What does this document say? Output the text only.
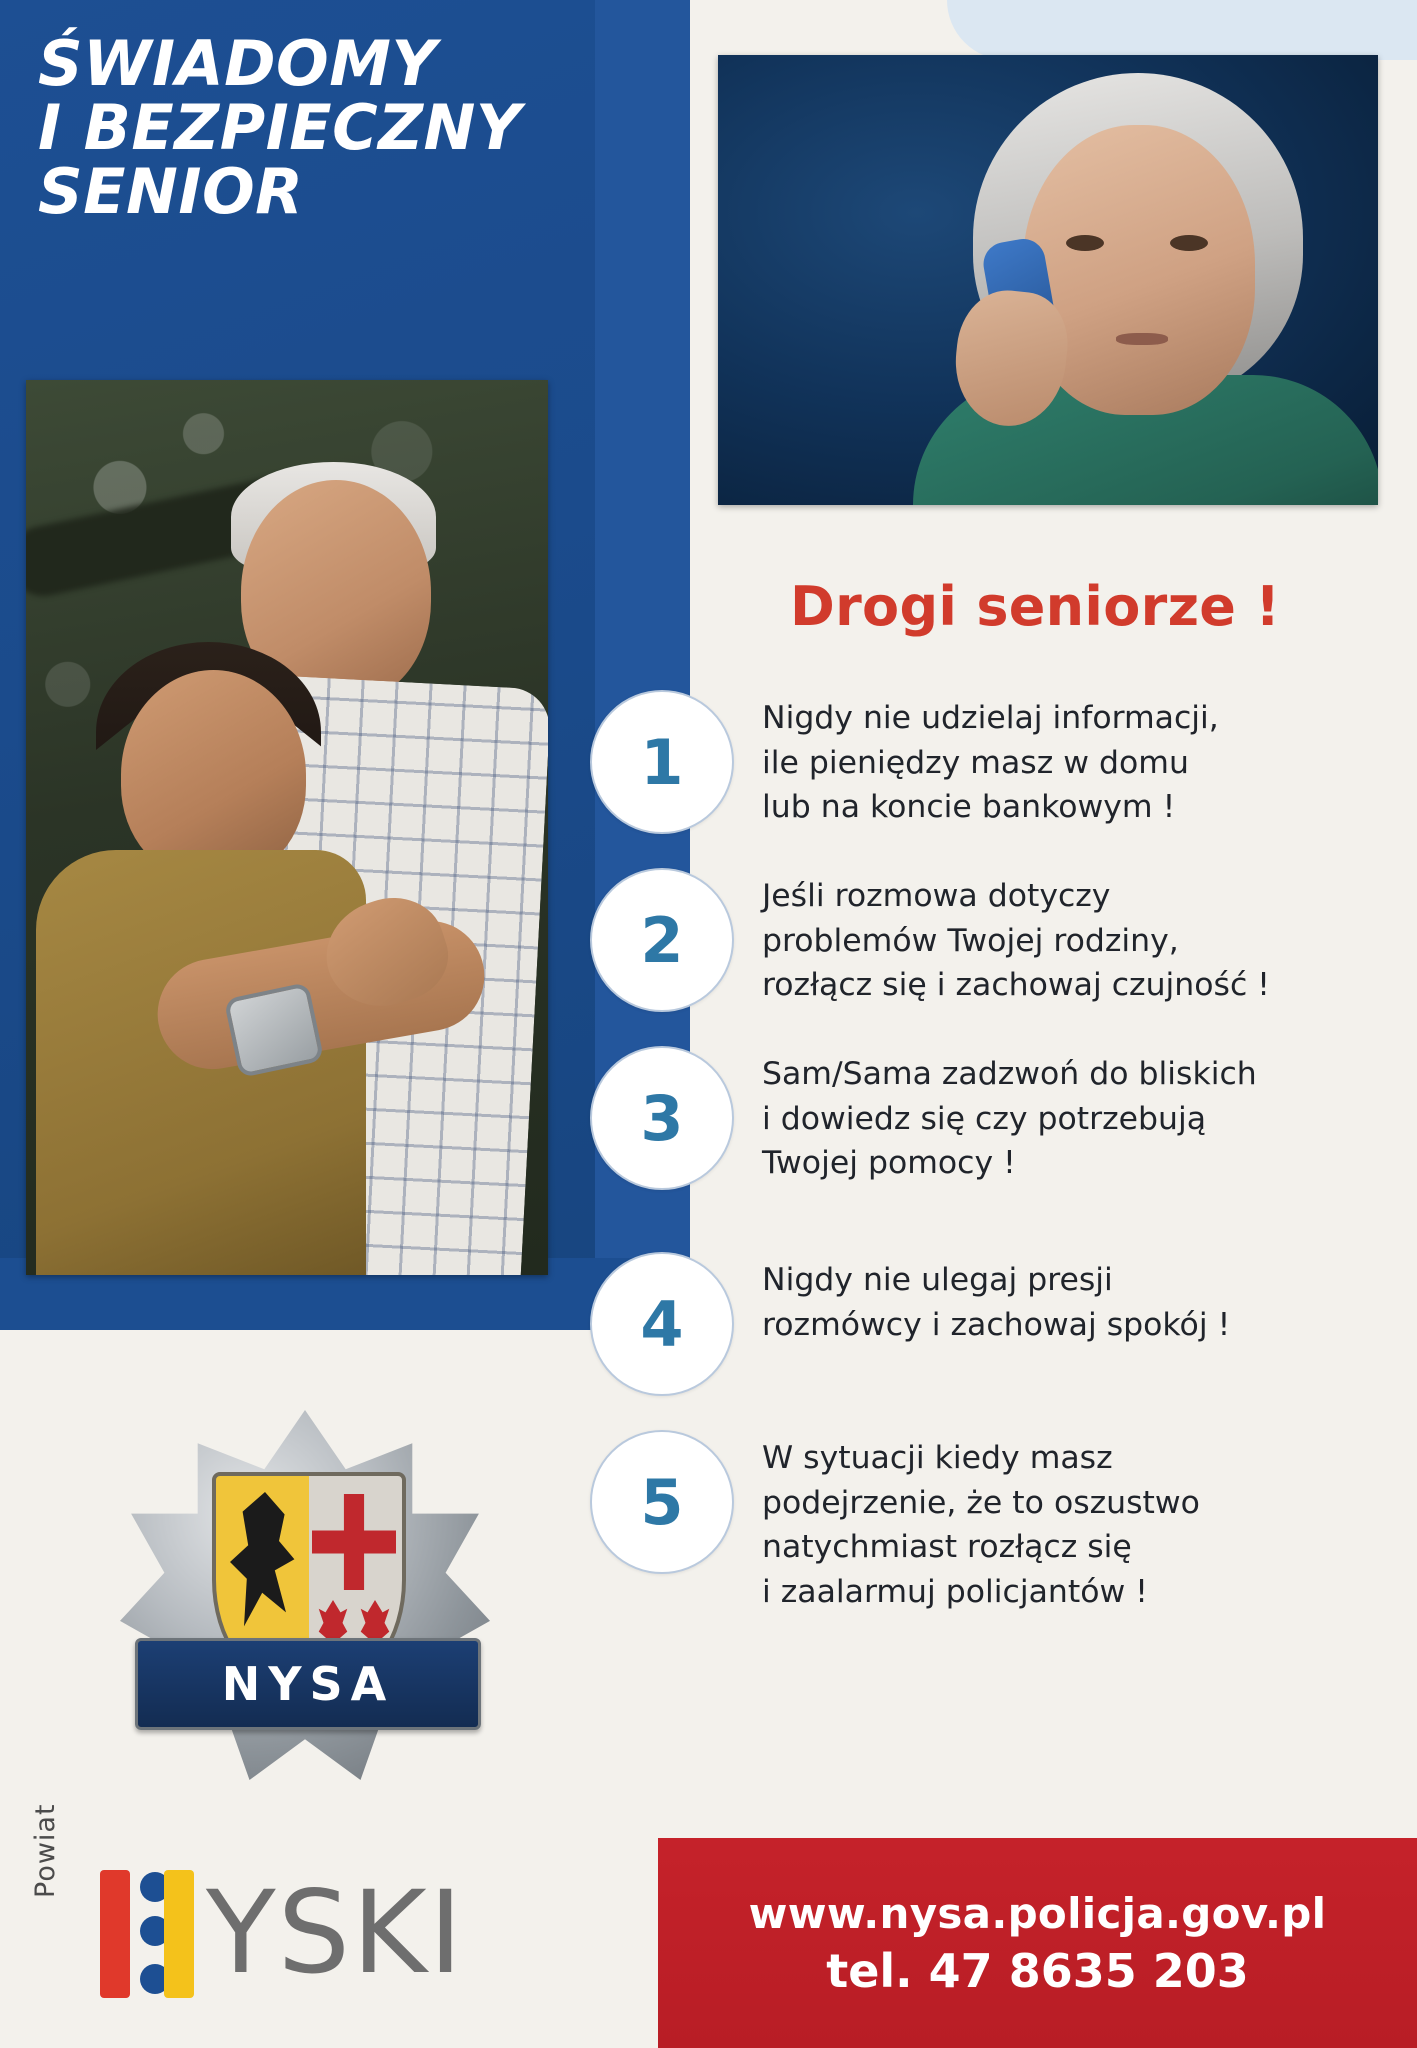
ŚWIADOMY
I BEZPIECZNY
SENIOR
Drogi seniorze !
1
Nigdy nie udzielaj informacji,
ile pieniędzy masz w domu
lub na koncie bankowym !
2
Jeśli rozmowa dotyczy
problemów Twojej rodziny,
rozłącz się i zachowaj czujność !
3
Sam/Sama zadzwoń do bliskich
i dowiedz się czy potrzebują
Twojej pomocy !
4
Nigdy nie ulegaj presji
rozmówcy i zachowaj spokój !
5
W sytuacji kiedy masz
podejrzenie, że to oszustwo
natychmiast rozłącz się
i zaalarmuj policjantów !
NYSA
Powiat
YSKI	www.nysa.policja.gov.pl
tel. 47 8635 203
